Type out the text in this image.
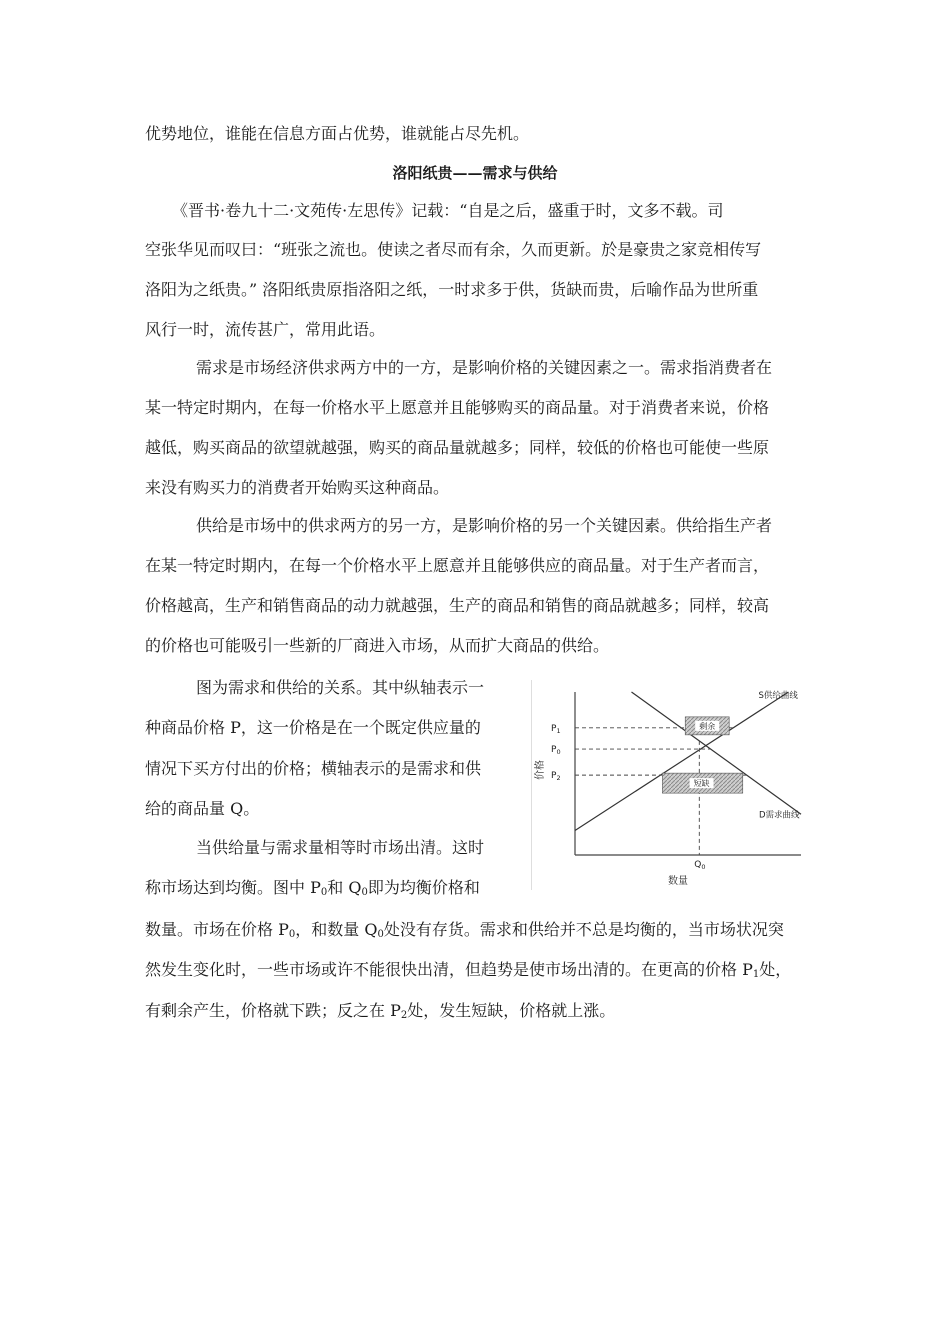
优势地位，谁能在信息方面占优势，谁就能占尽先机。
洛阳纸贵——需求与供给
《晋书·卷九十二·文苑传·左思传》记载：“自是之后，盛重于时，文多不载。司
空张华见而叹曰：“班张之流也。使读之者尽而有余，久而更新。於是豪贵之家竞相传写
洛阳为之纸贵。” 洛阳纸贵原指洛阳之纸，一时求多于供，货缺而贵，后喻作品为世所重
风行一时，流传甚广，常用此语。
需求是市场经济供求两方中的一方，是影响价格的关键因素之一。需求指消费者在
某一特定时期内，在每一价格水平上愿意并且能够购买的商品量。对于消费者来说，价格
越低，购买商品的欲望就越强，购买的商品量就越多；同样，较低的价格也可能使一些原
来没有购买力的消费者开始购买这种商品。
供给是市场中的供求两方的另一方，是影响价格的另一个关键因素。供给指生产者
在某一特定时期内，在每一个价格水平上愿意并且能够供应的商品量。对于生产者而言，
价格越高，生产和销售商品的动力就越强，生产的商品和销售的商品就越多；同样，较高
的价格也可能吸引一些新的厂商进入市场，从而扩大商品的供给。
图为需求和供给的关系。其中纵轴表示一
种商品价格 P，这一价格是在一个既定供应量的
情况下买方付出的价格；横轴表示的是需求和供
给的商品量 Q。
当供给量与需求量相等时市场出清。这时
称市场达到均衡。图中 $P_0$和 $Q_0$即为均衡价格和
数量。市场在价格 $P_0$，和数量 $Q_0$处没有存货。需求和供给并不总是均衡的，当市场状况突
然发生变化时，一些市场或许不能很快出清，但趋势是使市场出清的。在更高的价格 $P_1$处，
有剩余产生，价格就下跌；反之在 $P_2$处，发生短缺，价格就上涨。
价格
数量
S供给曲线
D需求曲线
$P_1$
$P_0$
$P_2$
$Q_0$
剩余
短缺
